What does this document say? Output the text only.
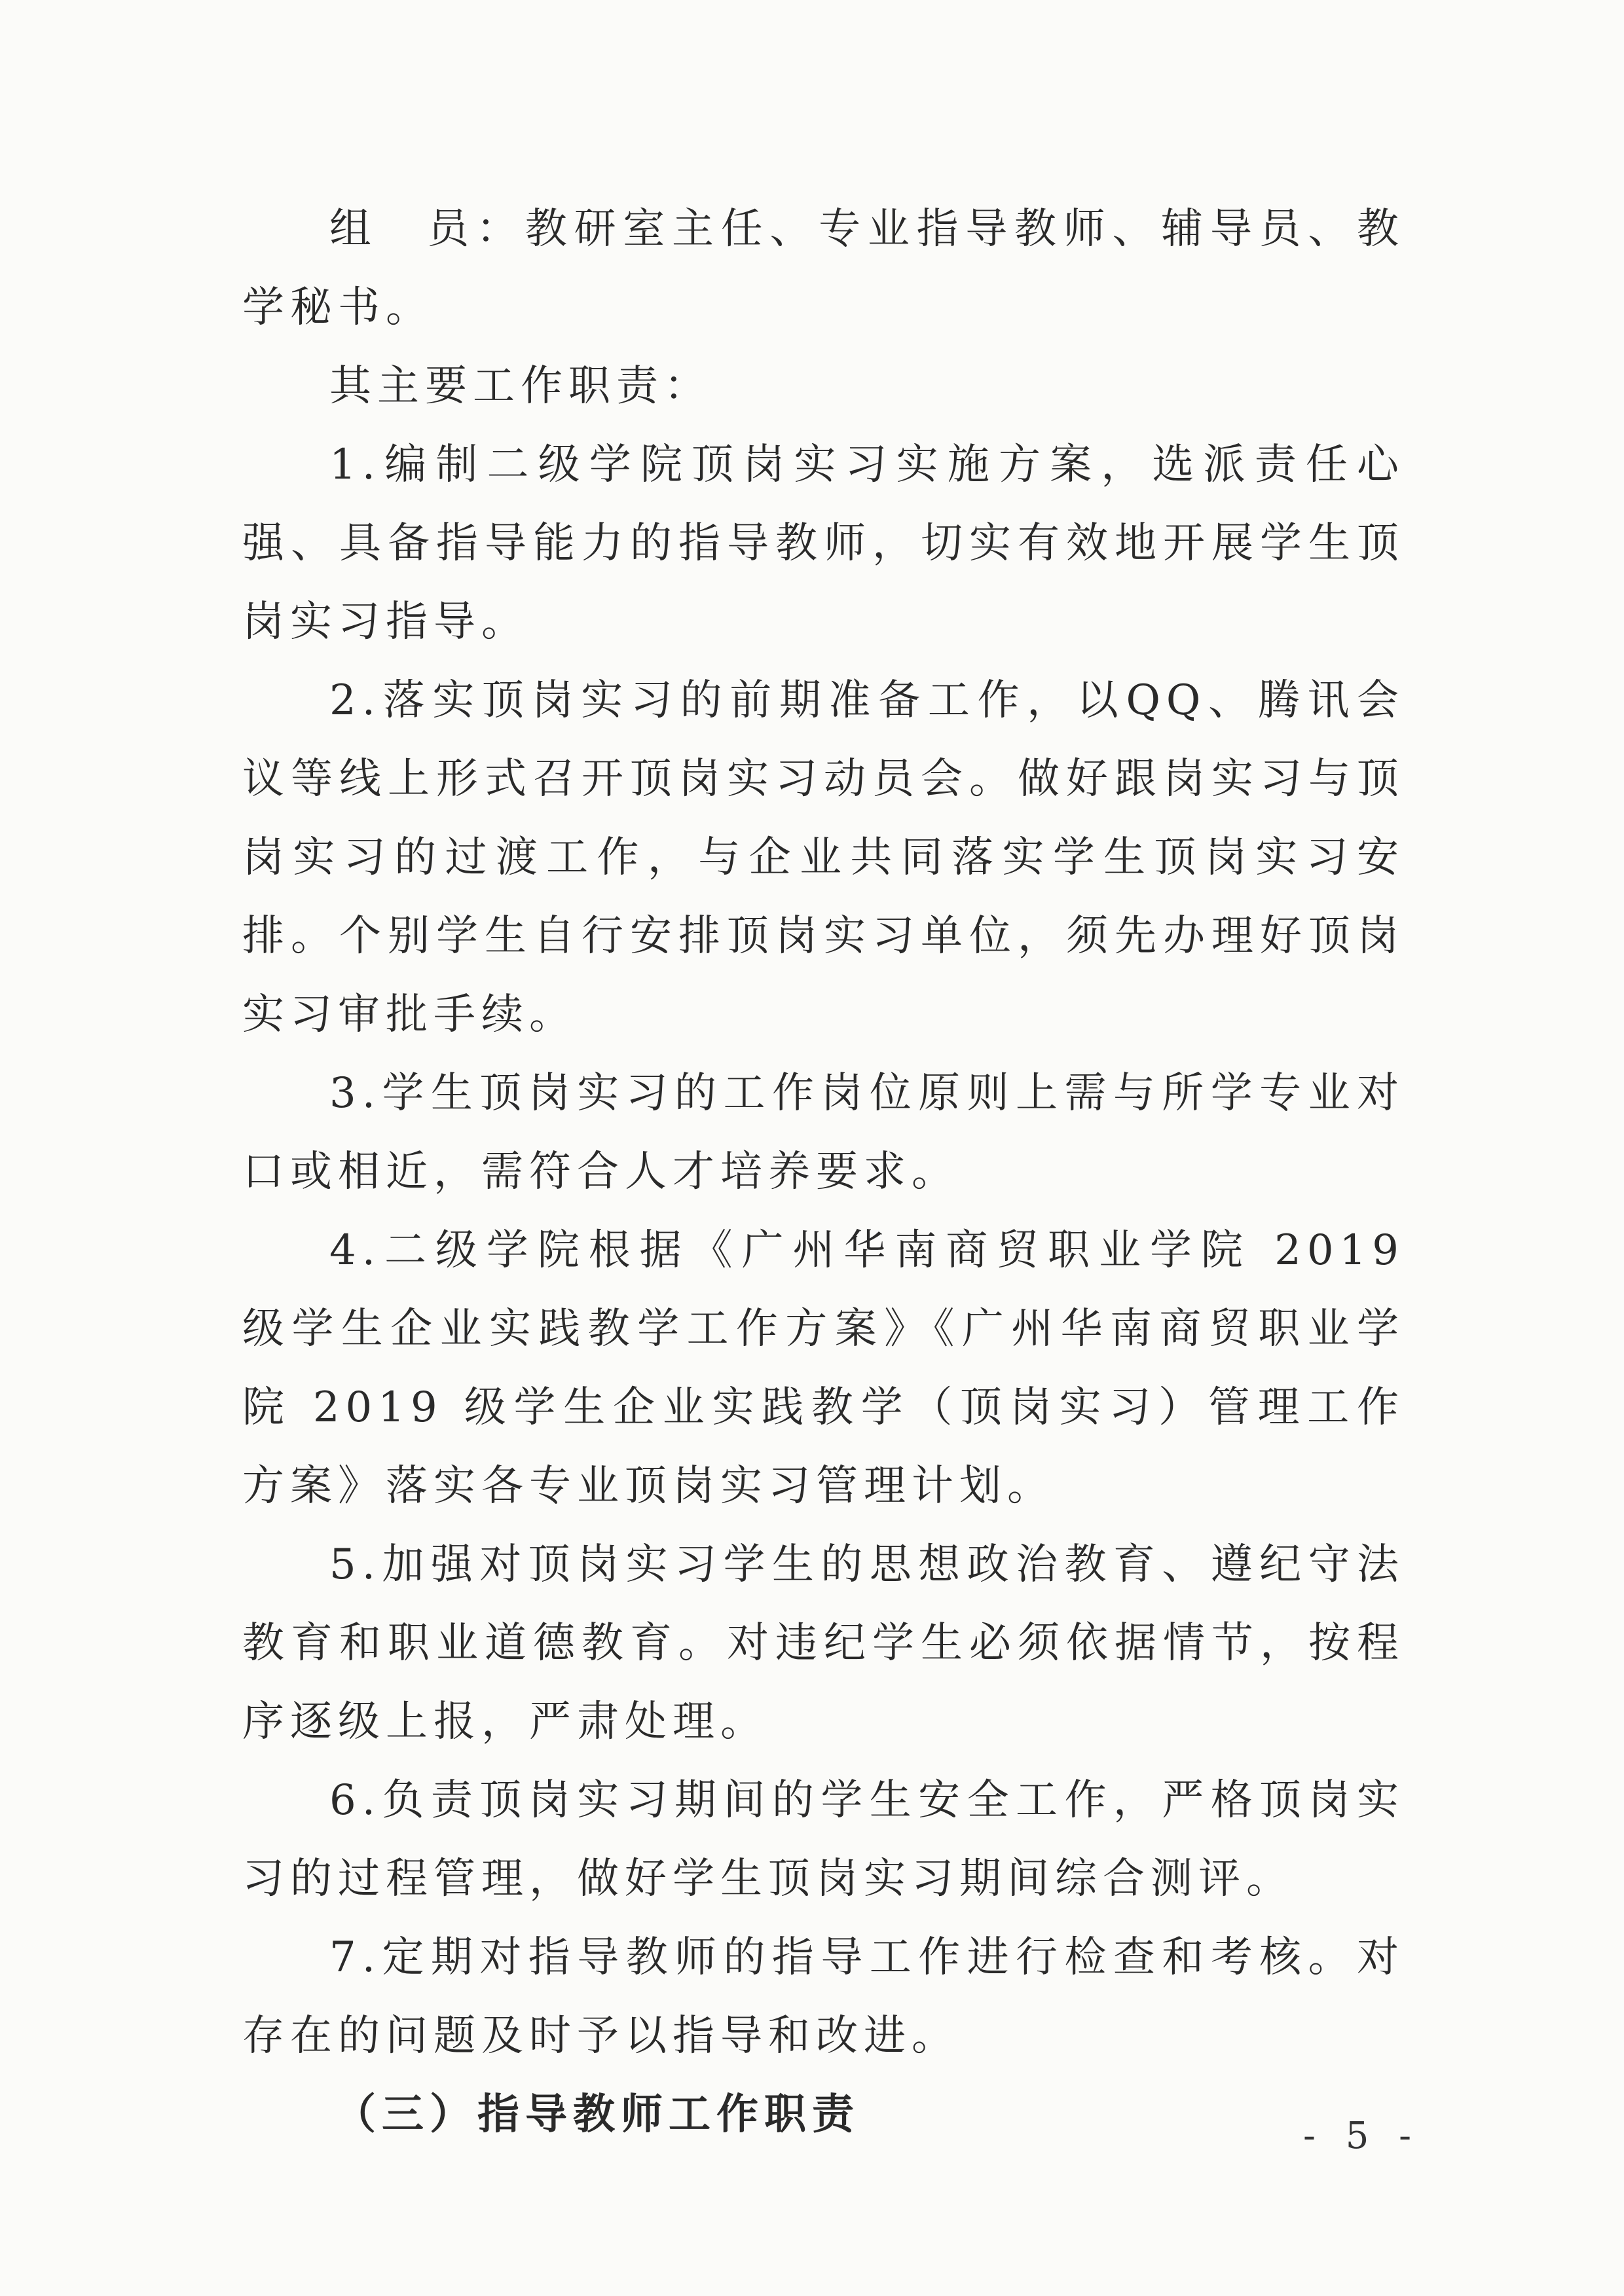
组　员：教研室主任、专业指导教师、辅导员、教学秘书。

其主要工作职责：

1.编制二级学院顶岗实习实施方案，选派责任心强、具备指导能力的指导教师，切实有效地开展学生顶岗实习指导。

2.落实顶岗实习的前期准备工作，以QQ、腾讯会议等线上形式召开顶岗实习动员会。做好跟岗实习与顶岗实习的过渡工作，与企业共同落实学生顶岗实习安排。个别学生自行安排顶岗实习单位，须先办理好顶岗实习审批手续。

3.学生顶岗实习的工作岗位原则上需与所学专业对口或相近，需符合人才培养要求。

4.二级学院根据《广州华南商贸职业学院 2019 级学生企业实践教学工作方案》《广州华南商贸职业学院 2019 级学生企业实践教学（顶岗实习）管理工作方案》落实各专业顶岗实习管理计划。

5.加强对顶岗实习学生的思想政治教育、遵纪守法教育和职业道德教育。对违纪学生必须依据情节，按程序逐级上报，严肃处理。

6.负责顶岗实习期间的学生安全工作，严格顶岗实习的过程管理，做好学生顶岗实习期间综合测评。

7.定期对指导教师的指导工作进行检查和考核。对存在的问题及时予以指导和改进。

（三）指导教师工作职责	- 5 -
